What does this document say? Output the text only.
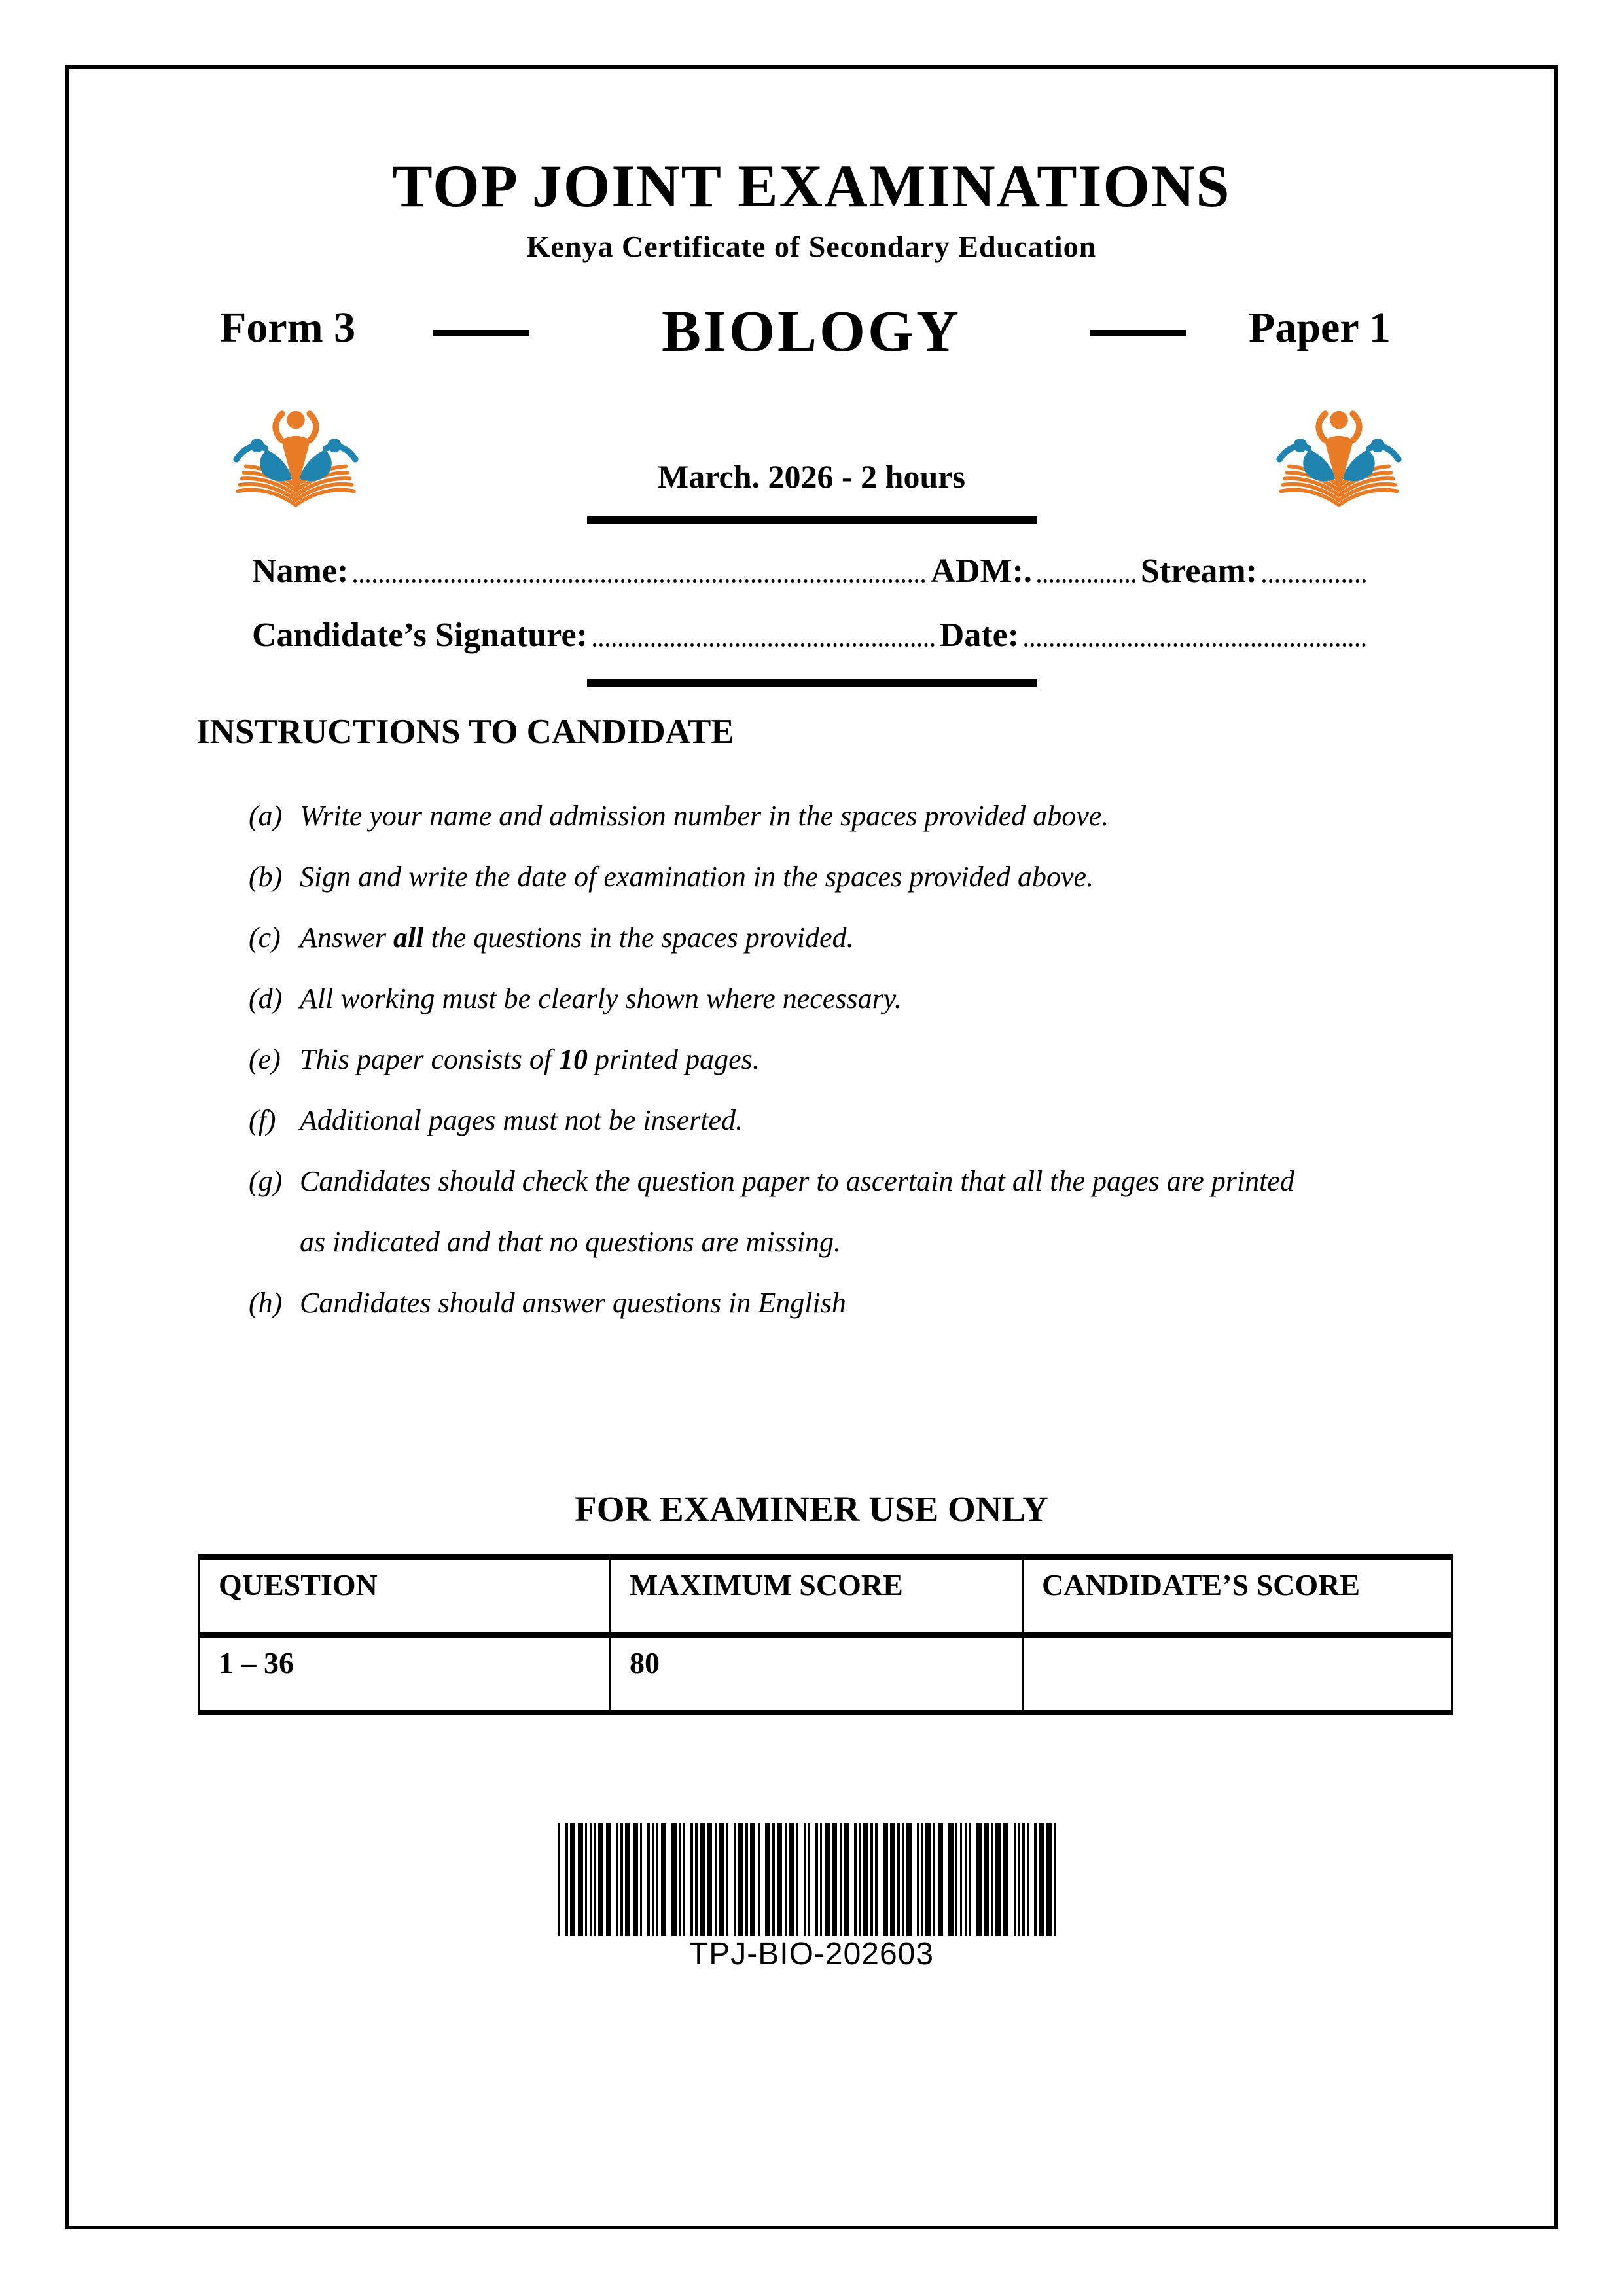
TOP JOINT EXAMINATIONS
Kenya Certificate of Secondary Education
Form 3	BIOLOGY	Paper 1
March. 2026 - 2 hours
Name:	ADM:.	Stream:
Candidate’s Signature:	Date:
INSTRUCTIONS TO CANDIDATE
(a) Write your name and admission number in the spaces provided above.
(b) Sign and write the date of examination in the spaces provided above.
(c) Answer all the questions in the spaces provided.
(d) All working must be clearly shown where necessary.
(e) This paper consists of 10 printed pages.
(f) Additional pages must not be inserted.
(g) Candidates should check the question paper to ascertain that all the pages are printed
as indicated and that no questions are missing.
(h) Candidates should answer questions in English
FOR EXAMINER USE ONLY
QUESTION	MAXIMUM SCORE	CANDIDATE’S SCORE
1 – 36	80
TPJ-BIO-202603
